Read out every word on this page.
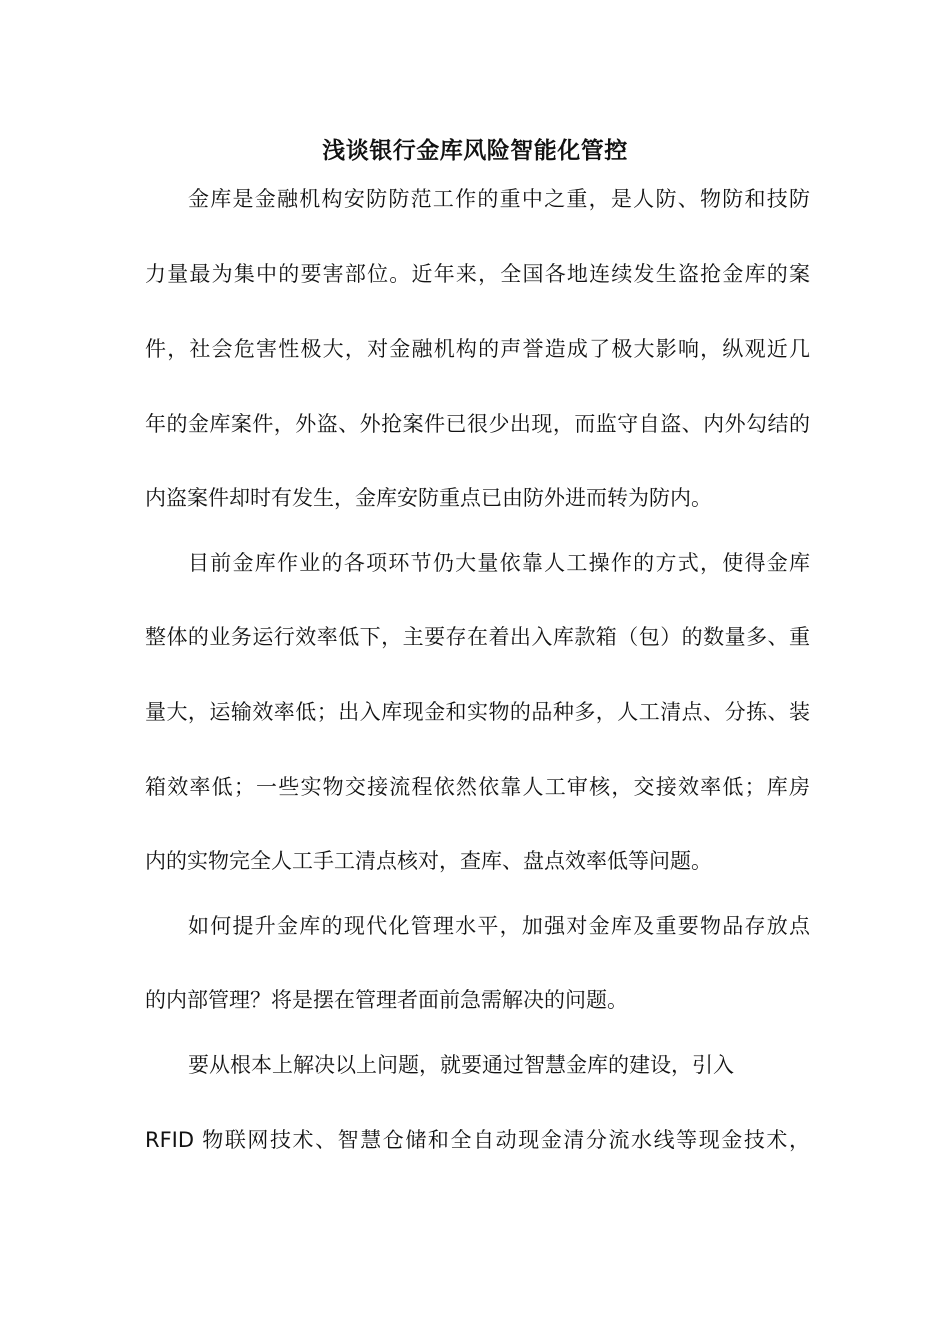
浅谈银行金库风险智能化管控
金库是金融机构安防防范工作的重中之重，是人防、物防和技防
力量最为集中的要害部位。近年来，全国各地连续发生盗抢金库的案
件，社会危害性极大，对金融机构的声誉造成了极大影响，纵观近几
年的金库案件，外盗、外抢案件已很少出现，而监守自盗、内外勾结的
内盗案件却时有发生，金库安防重点已由防外进而转为防内。
目前金库作业的各项环节仍大量依靠人工操作的方式，使得金库
整体的业务运行效率低下，主要存在着出入库款箱（包）的数量多、重
量大，运输效率低；出入库现金和实物的品种多，人工清点、分拣、装
箱效率低；一些实物交接流程依然依靠人工审核，交接效率低；库房
内的实物完全人工手工清点核对，查库、盘点效率低等问题。
如何提升金库的现代化管理水平，加强对金库及重要物品存放点
的内部管理？将是摆在管理者面前急需解决的问题。
要从根本上解决以上问题，就要通过智慧金库的建设，引入
RFID 物联网技术、智慧仓储和全自动现金清分流水线等现金技术，
